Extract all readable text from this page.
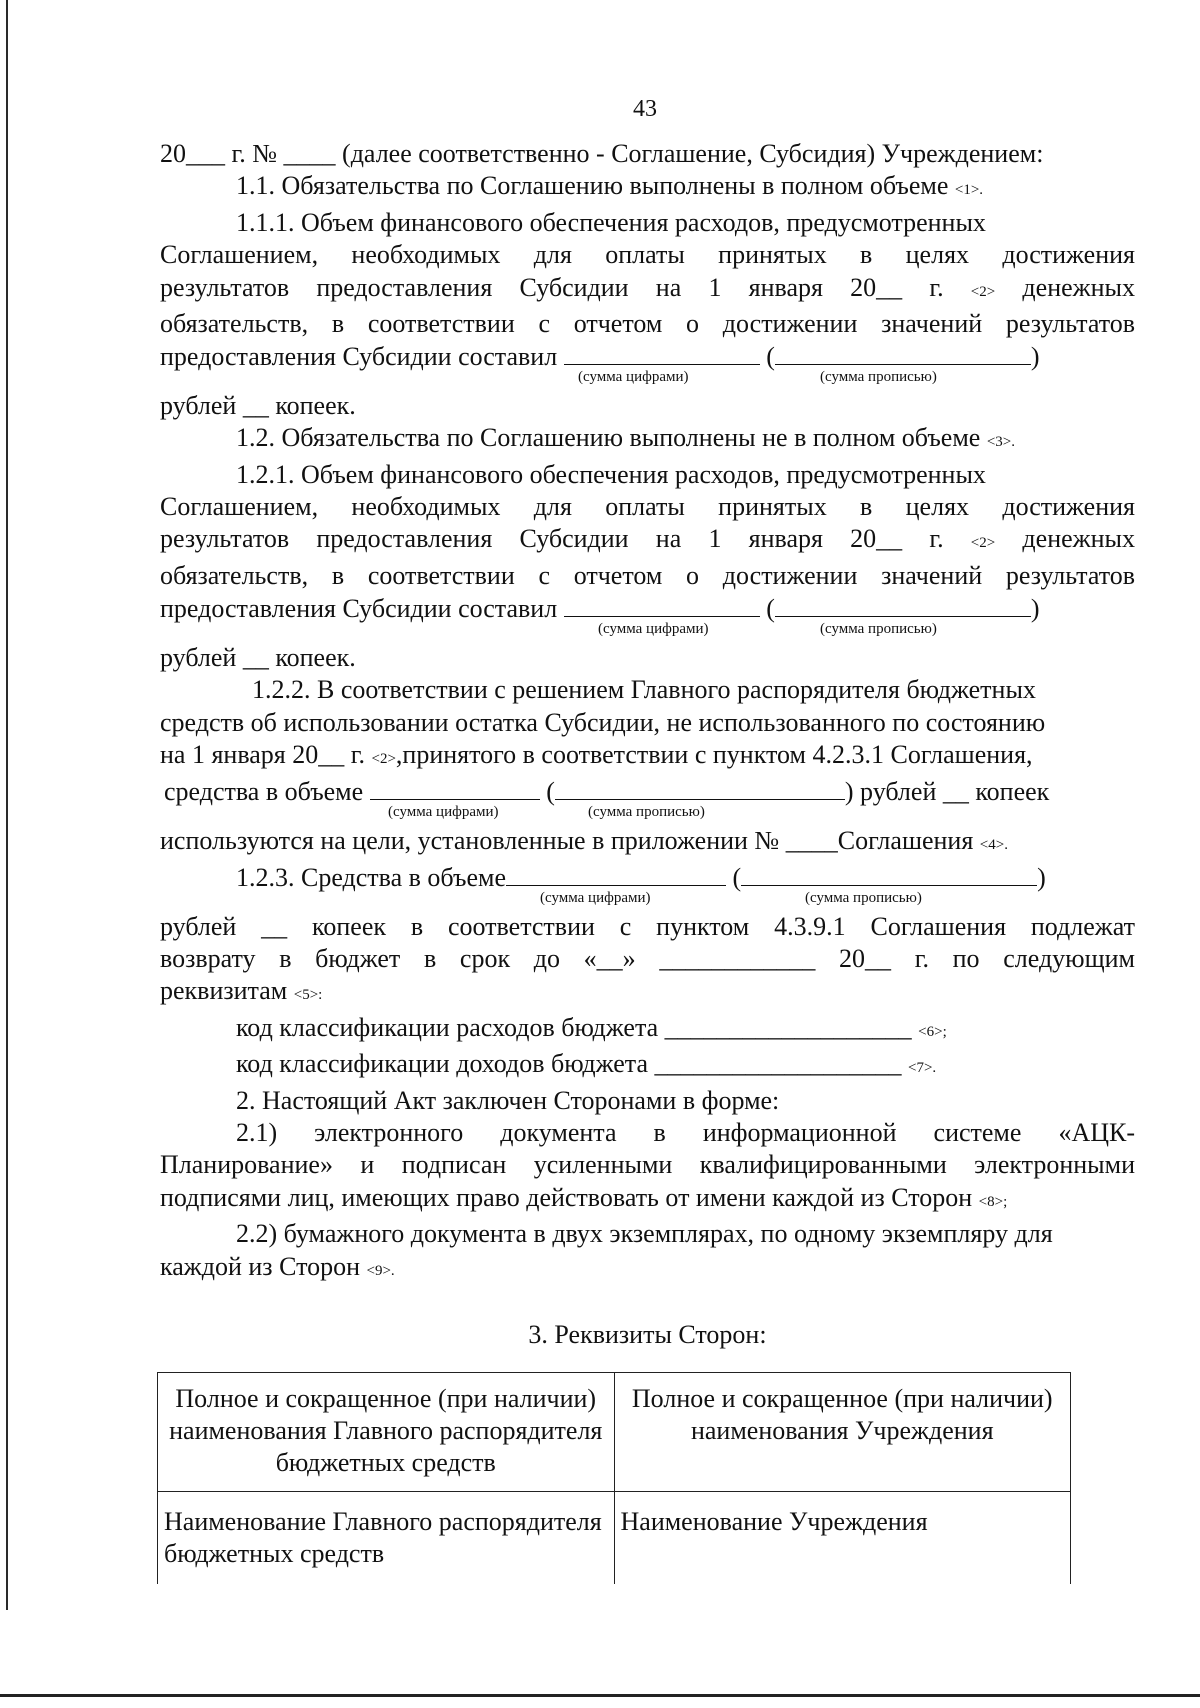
43
20___ г. № ____ (далее соответственно - Соглашение, Субсидия) Учреждением:
1.1. Обязательства по Соглашению выполнены в полном объеме <1>.
1.1.1. Объем финансового обеспечения расходов, предусмотренных
Соглашением, необходимых для оплаты принятых в целях достижения
результатов предоставления Субсидии на 1 января 20__ г. <2> денежных
обязательств, в соответствии с отчетом о достижении значений результатов
предоставления Субсидии составил	(	)
(сумма цифрами)	(сумма прописью)
рублей __ копеек.
1.2. Обязательства по Соглашению выполнены не в полном объеме <3>.
1.2.1. Объем финансового обеспечения расходов, предусмотренных
Соглашением, необходимых для оплаты принятых в целях достижения
результатов предоставления Субсидии на 1 января 20__ г. <2> денежных
обязательств, в соответствии с отчетом о достижении значений результатов
предоставления Субсидии составил	(	)
(сумма цифрами)	(сумма прописью)
рублей __ копеек.
1.2.2. В соответствии с решением Главного распорядителя бюджетных
средств об использовании остатка Субсидии, не использованного по состоянию
на 1 января 20__ г. <2>,принятого в соответствии с пунктом 4.2.3.1 Соглашения,
средства в объеме	(	) рублей __ копеек
(сумма цифрами)	(сумма прописью)
используются на цели, установленные в приложении № ____Соглашения <4>.
1.2.3. Средства в объеме	(	)
(сумма цифрами)	(сумма прописью)
рублей __ копеек в соответствии с пунктом 4.3.9.1 Соглашения подлежат
возврату в бюджет в срок до «__» ____________ 20__ г. по следующим
реквизитам <5>:
код классификации расходов бюджета ___________________ <6>;
код классификации доходов бюджета ___________________ <7>.
2. Настоящий Акт заключен Сторонами в форме:
2.1) электронного документа в информационной системе «АЦК-
Планирование» и подписан усиленными квалифицированными электронными
подписями лиц, имеющих право действовать от имени каждой из Сторон <8>;
2.2) бумажного документа в двух экземплярах, по одному экземпляру для
каждой из Сторон <9>.
3. Реквизиты Сторон:
Полное и сокращенное (при наличии) наименования Главного распорядителя бюджетных средств	Полное и сокращенное (при наличии) наименования Учреждения
Наименование Главного распорядителя бюджетных средств	Наименование Учреждения
